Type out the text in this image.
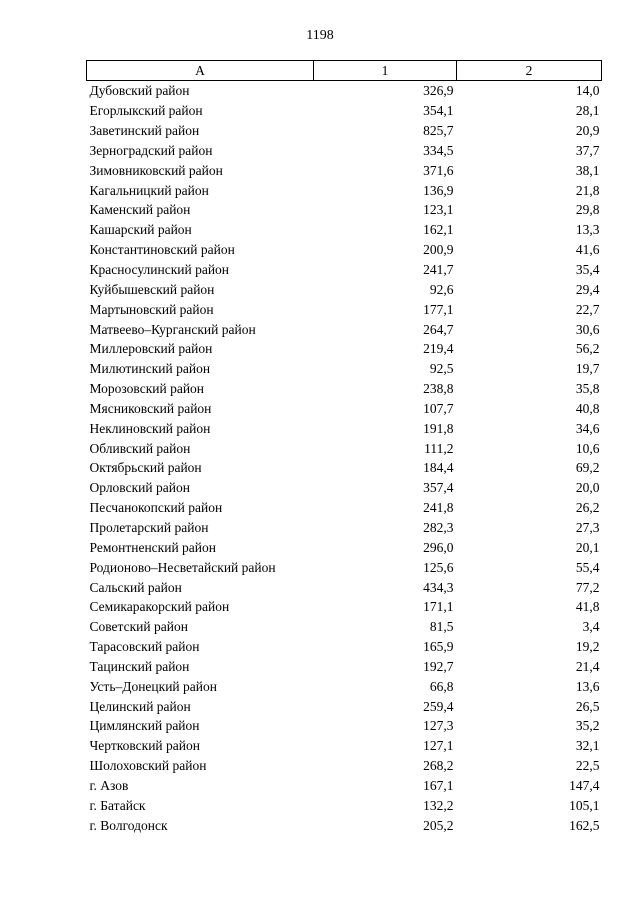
1198
А	1	2
Дубовский район	326,9	14,0
Егорлыкский район	354,1	28,1
Заветинский район	825,7	20,9
Зерноградский район	334,5	37,7
Зимовниковский район	371,6	38,1
Кагальницкий район	136,9	21,8
Каменский район	123,1	29,8
Кашарский район	162,1	13,3
Константиновский район	200,9	41,6
Красносулинский район	241,7	35,4
Куйбышевский район	92,6	29,4
Мартыновский район	177,1	22,7
Матвеево–Курганский район	264,7	30,6
Миллеровский район	219,4	56,2
Милютинский район	92,5	19,7
Морозовский район	238,8	35,8
Мясниковский район	107,7	40,8
Неклиновский район	191,8	34,6
Обливский район	111,2	10,6
Октябрьский район	184,4	69,2
Орловский район	357,4	20,0
Песчанокопский район	241,8	26,2
Пролетарский район	282,3	27,3
Ремонтненский район	296,0	20,1
Родионово–Несветайский район	125,6	55,4
Сальский район	434,3	77,2
Семикаракорский район	171,1	41,8
Советский район	81,5	3,4
Тарасовский район	165,9	19,2
Тацинский район	192,7	21,4
Усть–Донецкий район	66,8	13,6
Целинский район	259,4	26,5
Цимлянский район	127,3	35,2
Чертковский район	127,1	32,1
Шолоховский район	268,2	22,5
г. Азов	167,1	147,4
г. Батайск	132,2	105,1
г. Волгодонск	205,2	162,5
